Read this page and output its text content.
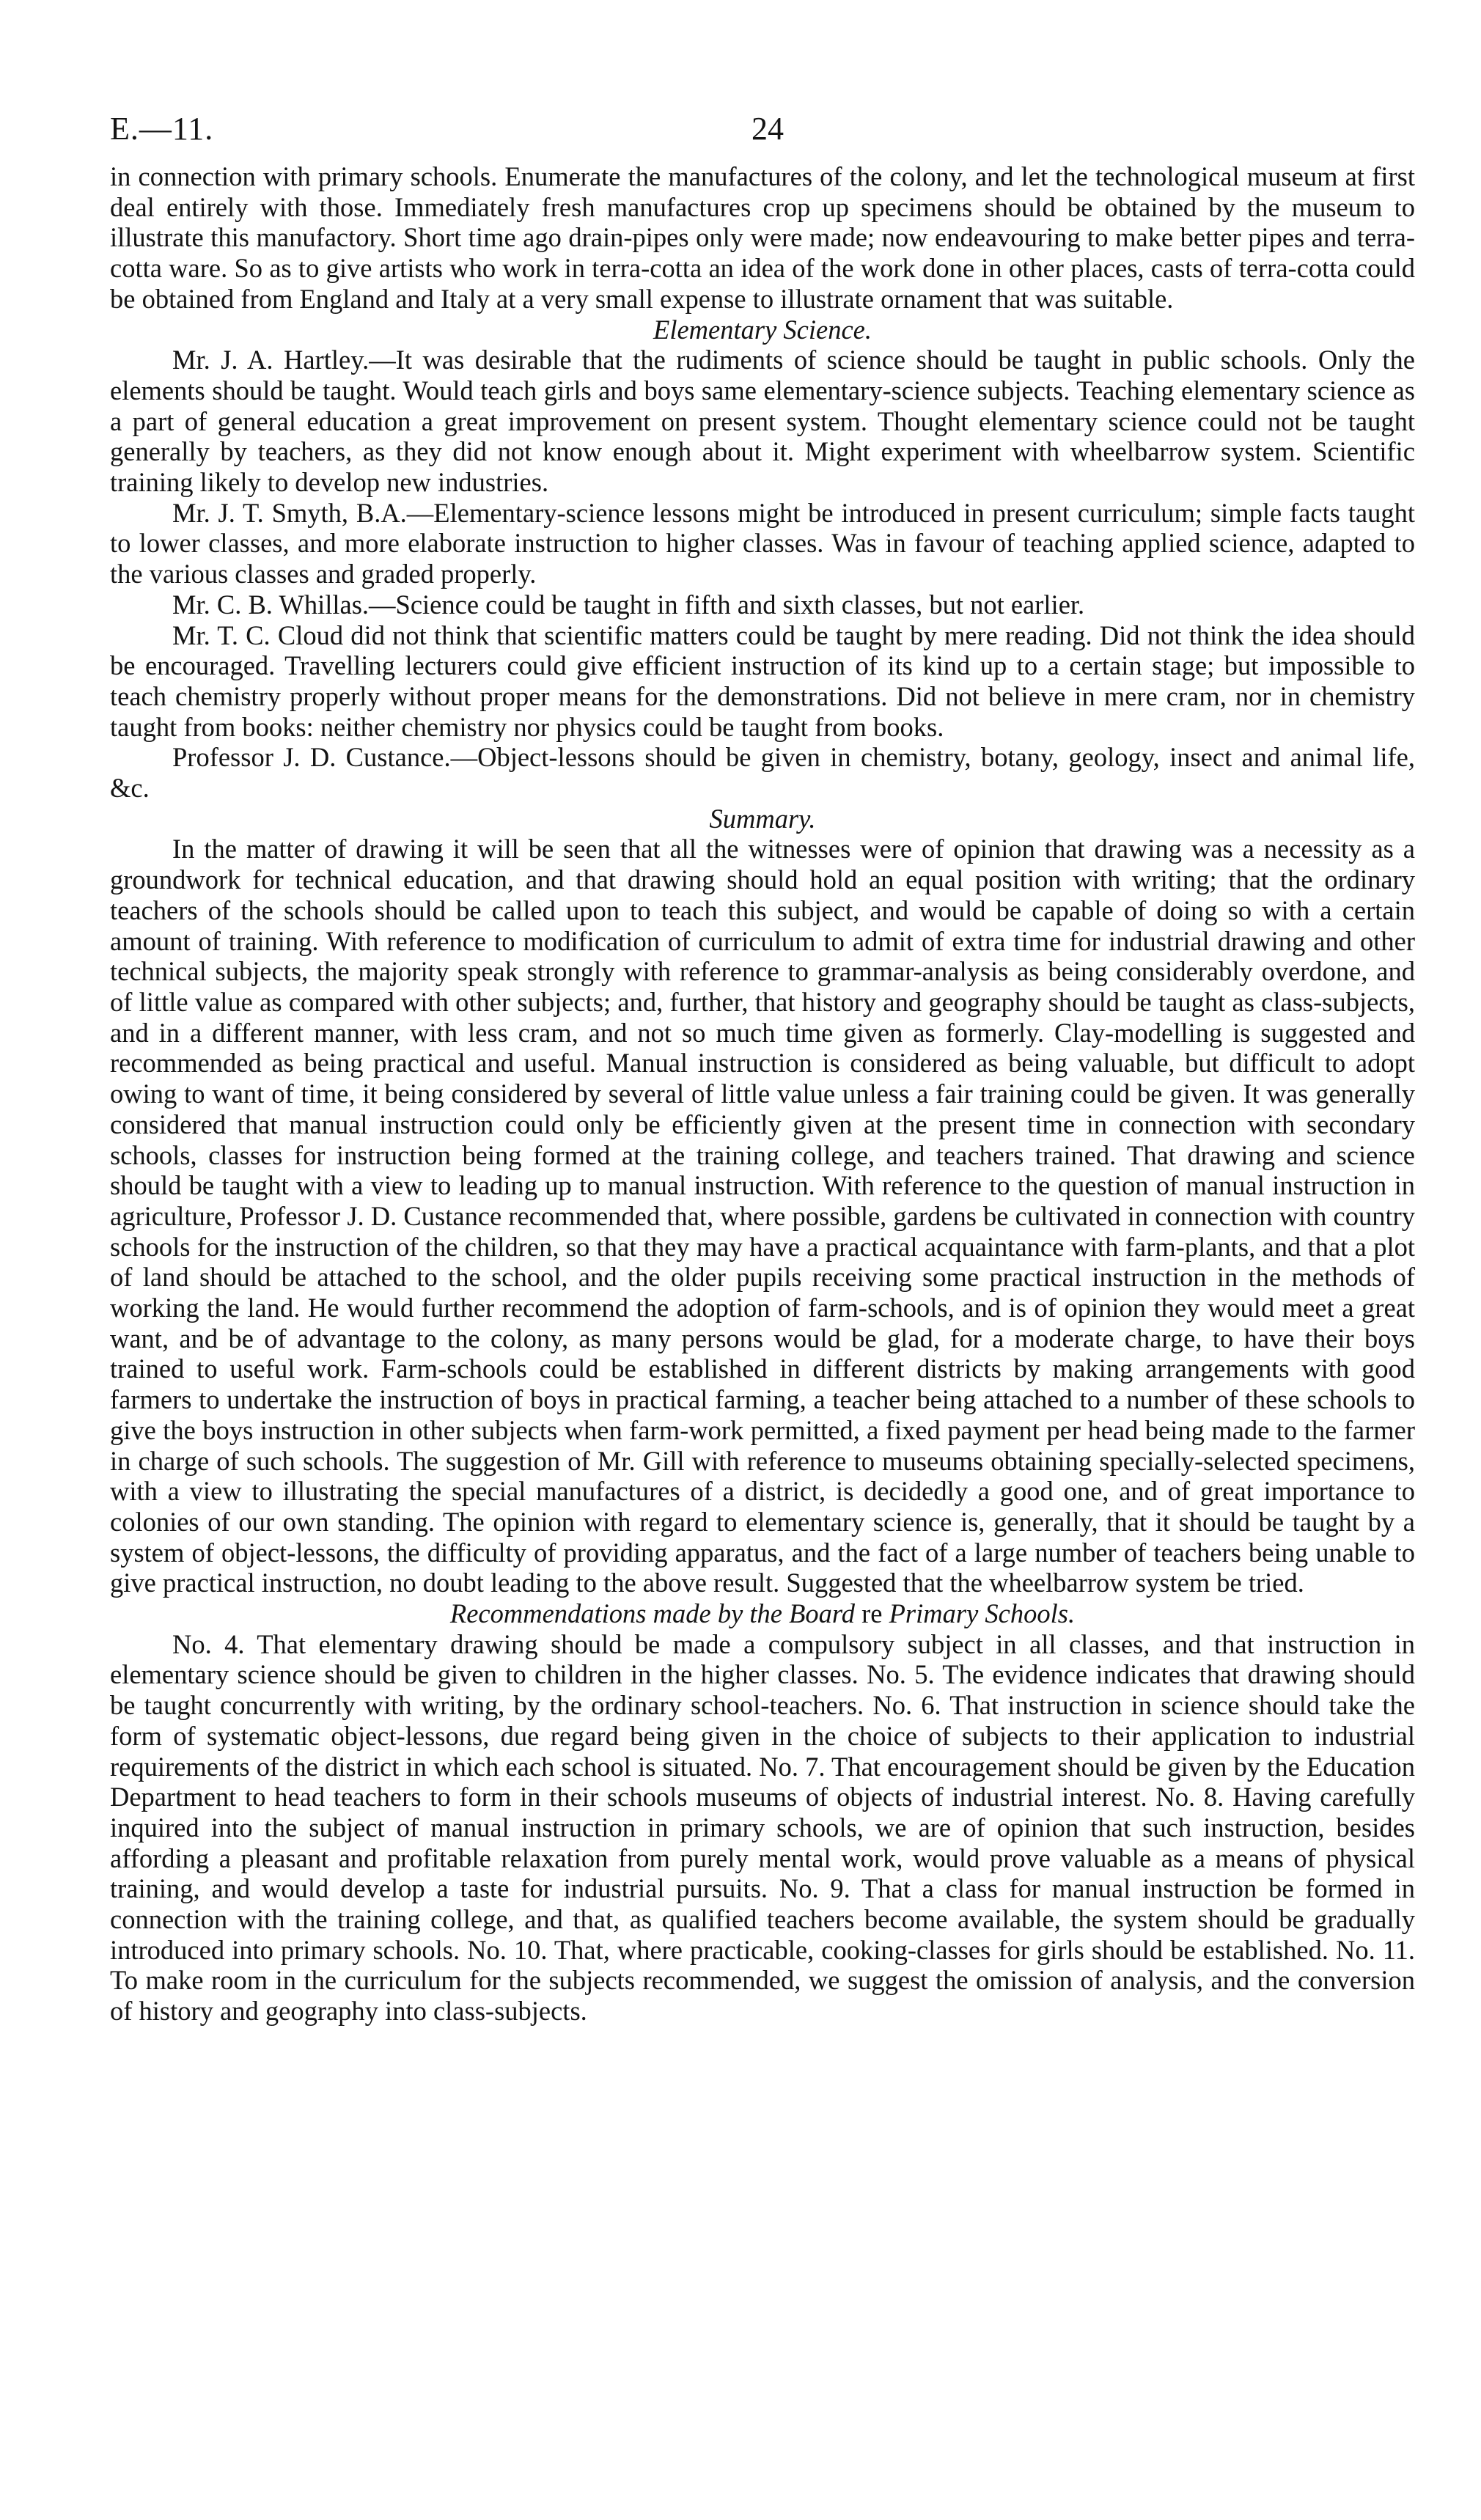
E.—11.	24

in connection with primary schools. Enumerate the manufactures of the colony, and let the technological museum at first deal entirely with those. Immediately fresh manufactures crop up specimens should be obtained by the museum to illustrate this manufactory. Short time ago drain-pipes only were made; now endeavouring to make better pipes and terra-cotta ware. So as to give artists who work in terra-cotta an idea of the work done in other places, casts of terra-cotta could be obtained from England and Italy at a very small expense to illustrate ornament that was suitable.

Elementary Science.

Mr. J. A. Hartley.—It was desirable that the rudiments of science should be taught in public schools. Only the elements should be taught. Would teach girls and boys same elementary-science subjects. Teaching elementary science as a part of general education a great improvement on present system. Thought elementary science could not be taught generally by teachers, as they did not know enough about it. Might experiment with wheelbarrow system. Scientific training likely to develop new industries.

Mr. J. T. Smyth, B.A.—Elementary-science lessons might be introduced in present curriculum; simple facts taught to lower classes, and more elaborate instruction to higher classes. Was in favour of teaching applied science, adapted to the various classes and graded properly.

Mr. C. B. Whillas.—Science could be taught in fifth and sixth classes, but not earlier.

Mr. T. C. Cloud did not think that scientific matters could be taught by mere reading. Did not think the idea should be encouraged. Travelling lecturers could give efficient instruction of its kind up to a certain stage; but impossible to teach chemistry properly without proper means for the demonstrations. Did not believe in mere cram, nor in chemistry taught from books: neither chemistry nor physics could be taught from books.

Professor J. D. Custance.—Object-lessons should be given in chemistry, botany, geology, insect and animal life, &c.

Summary.

In the matter of drawing it will be seen that all the witnesses were of opinion that drawing was a necessity as a groundwork for technical education, and that drawing should hold an equal position with writing; that the ordinary teachers of the schools should be called upon to teach this subject, and would be capable of doing so with a certain amount of training. With reference to modification of curriculum to admit of extra time for industrial drawing and other technical subjects, the majority speak strongly with reference to grammar-analysis as being considerably overdone, and of little value as compared with other subjects; and, further, that history and geography should be taught as class-subjects, and in a different manner, with less cram, and not so much time given as formerly. Clay-modelling is suggested and recommended as being practical and useful. Manual instruction is considered as being valuable, but difficult to adopt owing to want of time, it being considered by several of little value unless a fair training could be given. It was generally considered that manual instruction could only be efficiently given at the present time in connection with secondary schools, classes for instruction being formed at the training college, and teachers trained. That drawing and science should be taught with a view to leading up to manual instruction. With reference to the question of manual instruction in agriculture, Professor J. D. Custance recommended that, where possible, gardens be cultivated in connection with country schools for the instruction of the children, so that they may have a practical acquaintance with farm-plants, and that a plot of land should be attached to the school, and the older pupils receiving some practical instruction in the methods of working the land. He would further recommend the adoption of farm-schools, and is of opinion they would meet a great want, and be of advantage to the colony, as many persons would be glad, for a moderate charge, to have their boys trained to useful work. Farm-schools could be established in different districts by making arrangements with good farmers to undertake the instruction of boys in practical farming, a teacher being attached to a number of these schools to give the boys instruction in other subjects when farm-work permitted, a fixed payment per head being made to the farmer in charge of such schools. The suggestion of Mr. Gill with reference to museums obtaining specially-selected specimens, with a view to illustrating the special manufactures of a district, is decidedly a good one, and of great importance to colonies of our own standing. The opinion with regard to elementary science is, generally, that it should be taught by a system of object-lessons, the difficulty of providing apparatus, and the fact of a large number of teachers being unable to give practical instruction, no doubt leading to the above result. Suggested that the wheelbarrow system be tried.

Recommendations made by the Board re Primary Schools.

No. 4. That elementary drawing should be made a compulsory subject in all classes, and that instruction in elementary science should be given to children in the higher classes. No. 5. The evidence indicates that drawing should be taught concurrently with writing, by the ordinary school-teachers. No. 6. That instruction in science should take the form of systematic object-lessons, due regard being given in the choice of subjects to their application to industrial requirements of the district in which each school is situated. No. 7. That encouragement should be given by the Education Department to head teachers to form in their schools museums of objects of industrial interest. No. 8. Having carefully inquired into the subject of manual instruction in primary schools, we are of opinion that such instruction, besides affording a pleasant and profitable relaxation from purely mental work, would prove valuable as a means of physical training, and would develop a taste for industrial pursuits. No. 9. That a class for manual instruction be formed in connection with the training college, and that, as qualified teachers become available, the system should be gradually introduced into primary schools. No. 10. That, where practicable, cooking-classes for girls should be established. No. 11. To make room in the curriculum for the subjects recommended, we suggest the omission of analysis, and the conversion of history and geography into class-subjects.
